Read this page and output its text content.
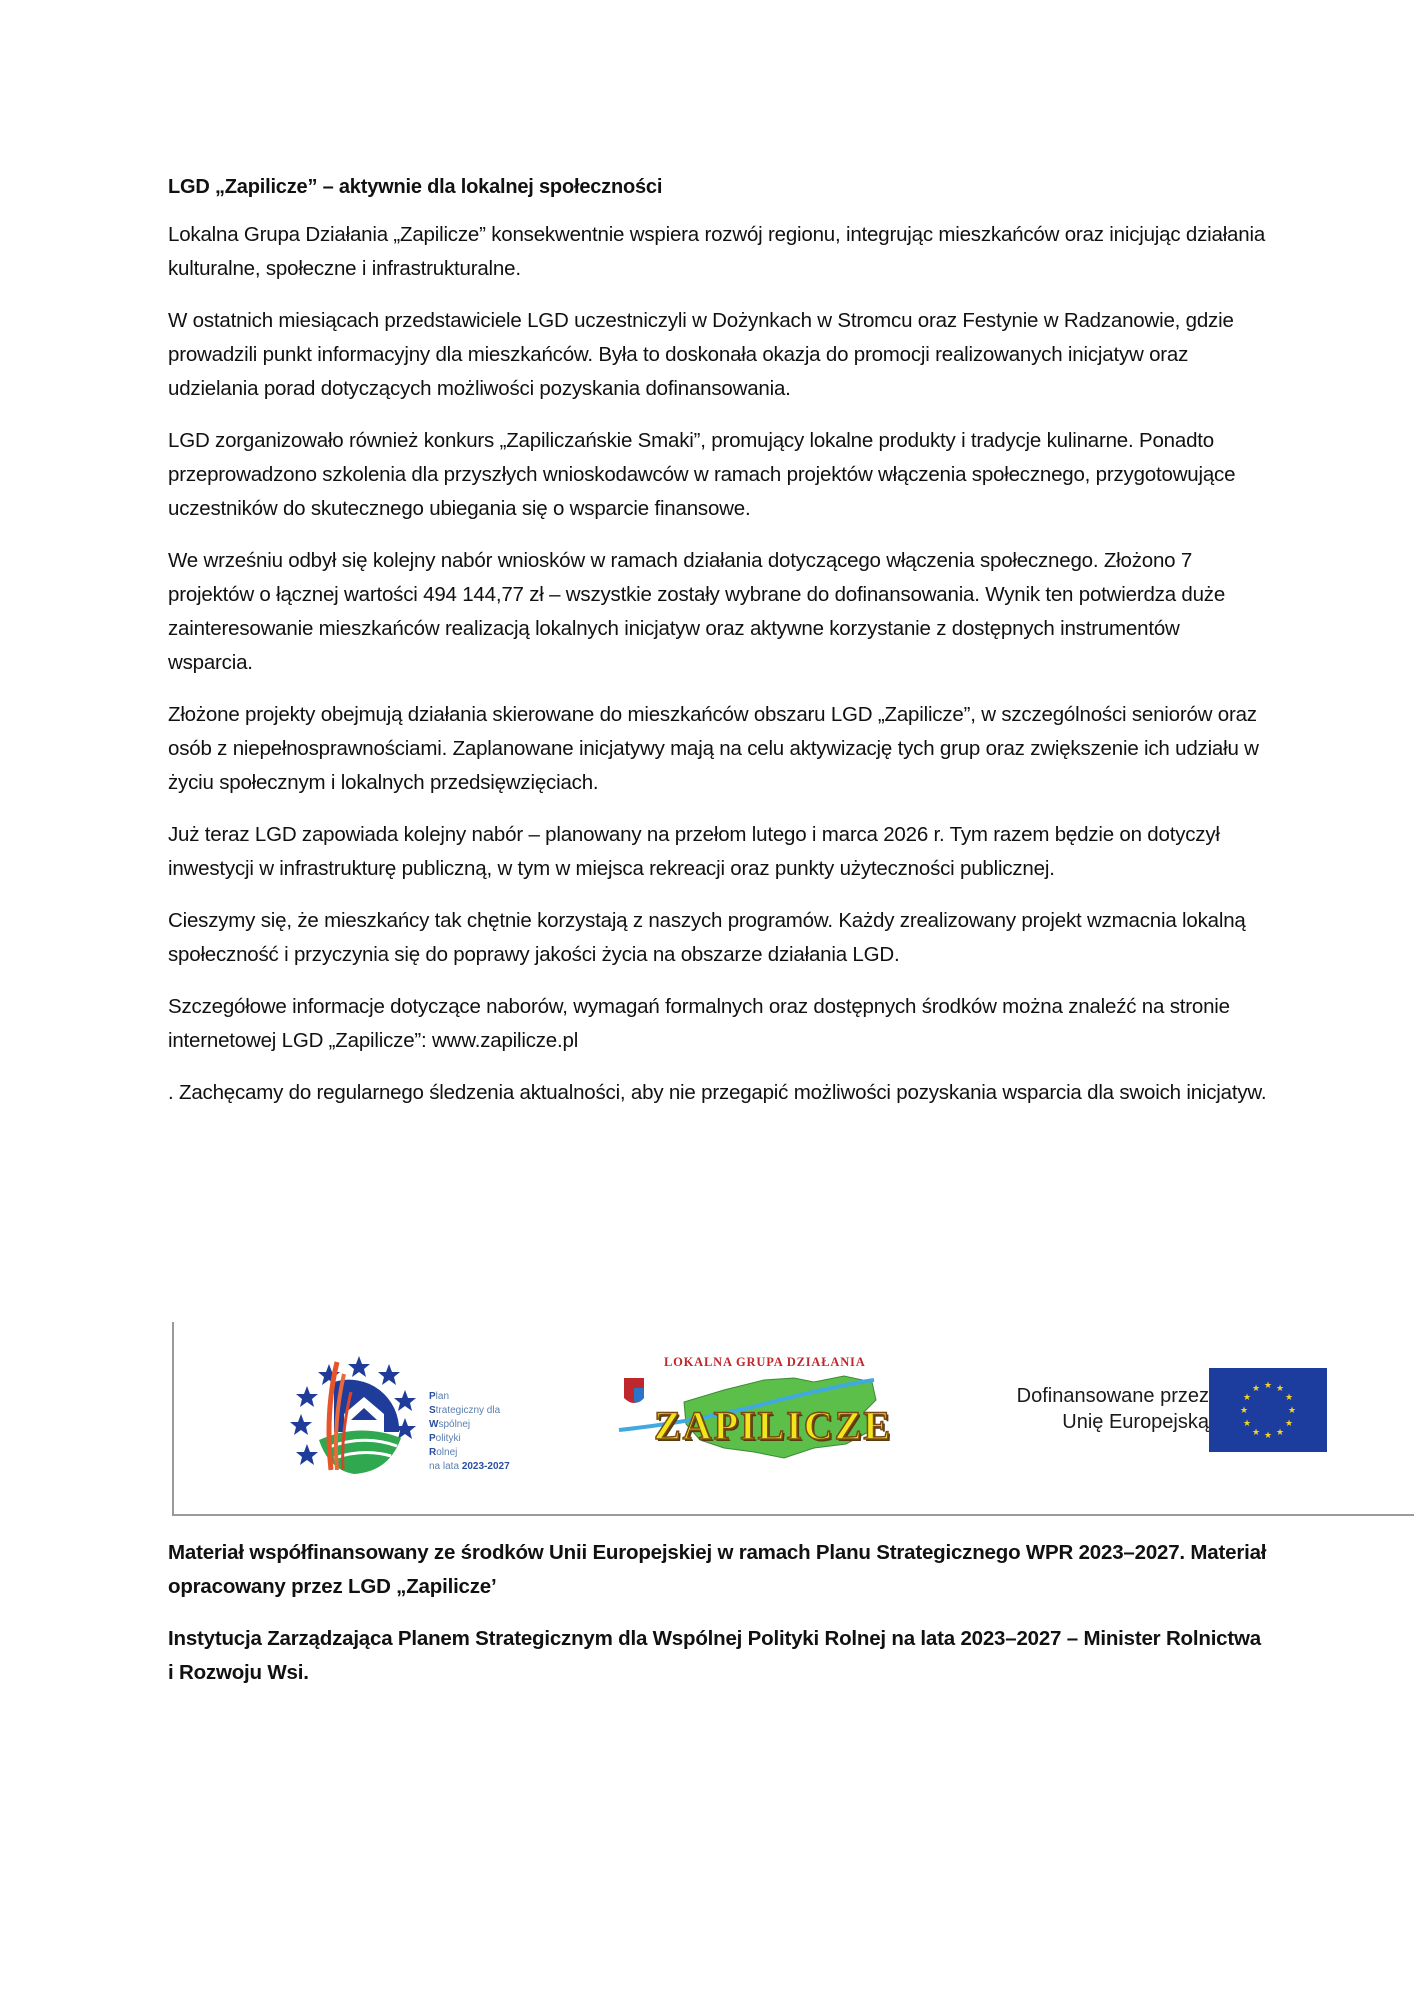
LGD „Zapilicze” – aktywnie dla lokalnej społeczności

Lokalna Grupa Działania „Zapilicze” konsekwentnie wspiera rozwój regionu, integrując mieszkańców oraz inicjując działania kulturalne, społeczne i infrastrukturalne.

W ostatnich miesiącach przedstawiciele LGD uczestniczyli w Dożynkach w Stromcu oraz Festynie w Radzanowie, gdzie prowadzili punkt informacyjny dla mieszkańców. Była to doskonała okazja do promocji realizowanych inicjatyw oraz udzielania porad dotyczących możliwości pozyskania dofinansowania.

LGD zorganizowało również konkurs „Zapiliczańskie Smaki”, promujący lokalne produkty i tradycje kulinarne. Ponadto przeprowadzono szkolenia dla przyszłych wnioskodawców w ramach projektów włączenia społecznego, przygotowujące uczestników do skutecznego ubiegania się o wsparcie finansowe.

We wrześniu odbył się kolejny nabór wniosków w ramach działania dotyczącego włączenia społecznego. Złożono 7 projektów o łącznej wartości 494 144,77 zł – wszystkie zostały wybrane do dofinansowania. Wynik ten potwierdza duże zainteresowanie mieszkańców realizacją lokalnych inicjatyw oraz aktywne korzystanie z dostępnych instrumentów wsparcia.

Złożone projekty obejmują działania skierowane do mieszkańców obszaru LGD „Zapilicze”, w szczególności seniorów oraz osób z niepełnosprawnościami. Zaplanowane inicjatywy mają na celu aktywizację tych grup oraz zwiększenie ich udziału w życiu społecznym i lokalnych przedsięwzięciach.

Już teraz LGD zapowiada kolejny nabór – planowany na przełom lutego i marca 2026 r. Tym razem będzie on dotyczył inwestycji w infrastrukturę publiczną, w tym w miejsca rekreacji oraz punkty użyteczności publicznej.

Cieszymy się, że mieszkańcy tak chętnie korzystają z naszych programów. Każdy zrealizowany projekt wzmacnia lokalną społeczność i przyczynia się do poprawy jakości życia na obszarze działania LGD.

Szczegółowe informacje dotyczące naborów, wymagań formalnych oraz dostępnych środków można znaleźć na stronie internetowej LGD „Zapilicze”: www.zapilicze.pl

. Zachęcamy do regularnego śledzenia aktualności, aby nie przegapić możliwości pozyskania wsparcia dla swoich inicjatyw.

Plan
Strategiczny dla
Wspólnej
Polityki
Rolnej
na lata 2023-2027
LOKALNA GRUPA DZIAŁANIA
ZAPILICZE
Dofinansowane przez
Unię Europejską
★ ★
★
★
★
★
★
★
★
★
★
★

Materiał współfinansowany ze środków Unii Europejskiej w ramach Planu Strategicznego WPR 2023–2027. Materiał opracowany przez LGD „Zapilicze’

Instytucja Zarządzająca Planem Strategicznym dla Wspólnej Polityki Rolnej na lata 2023–2027 – Minister Rolnictwa i Rozwoju Wsi.
